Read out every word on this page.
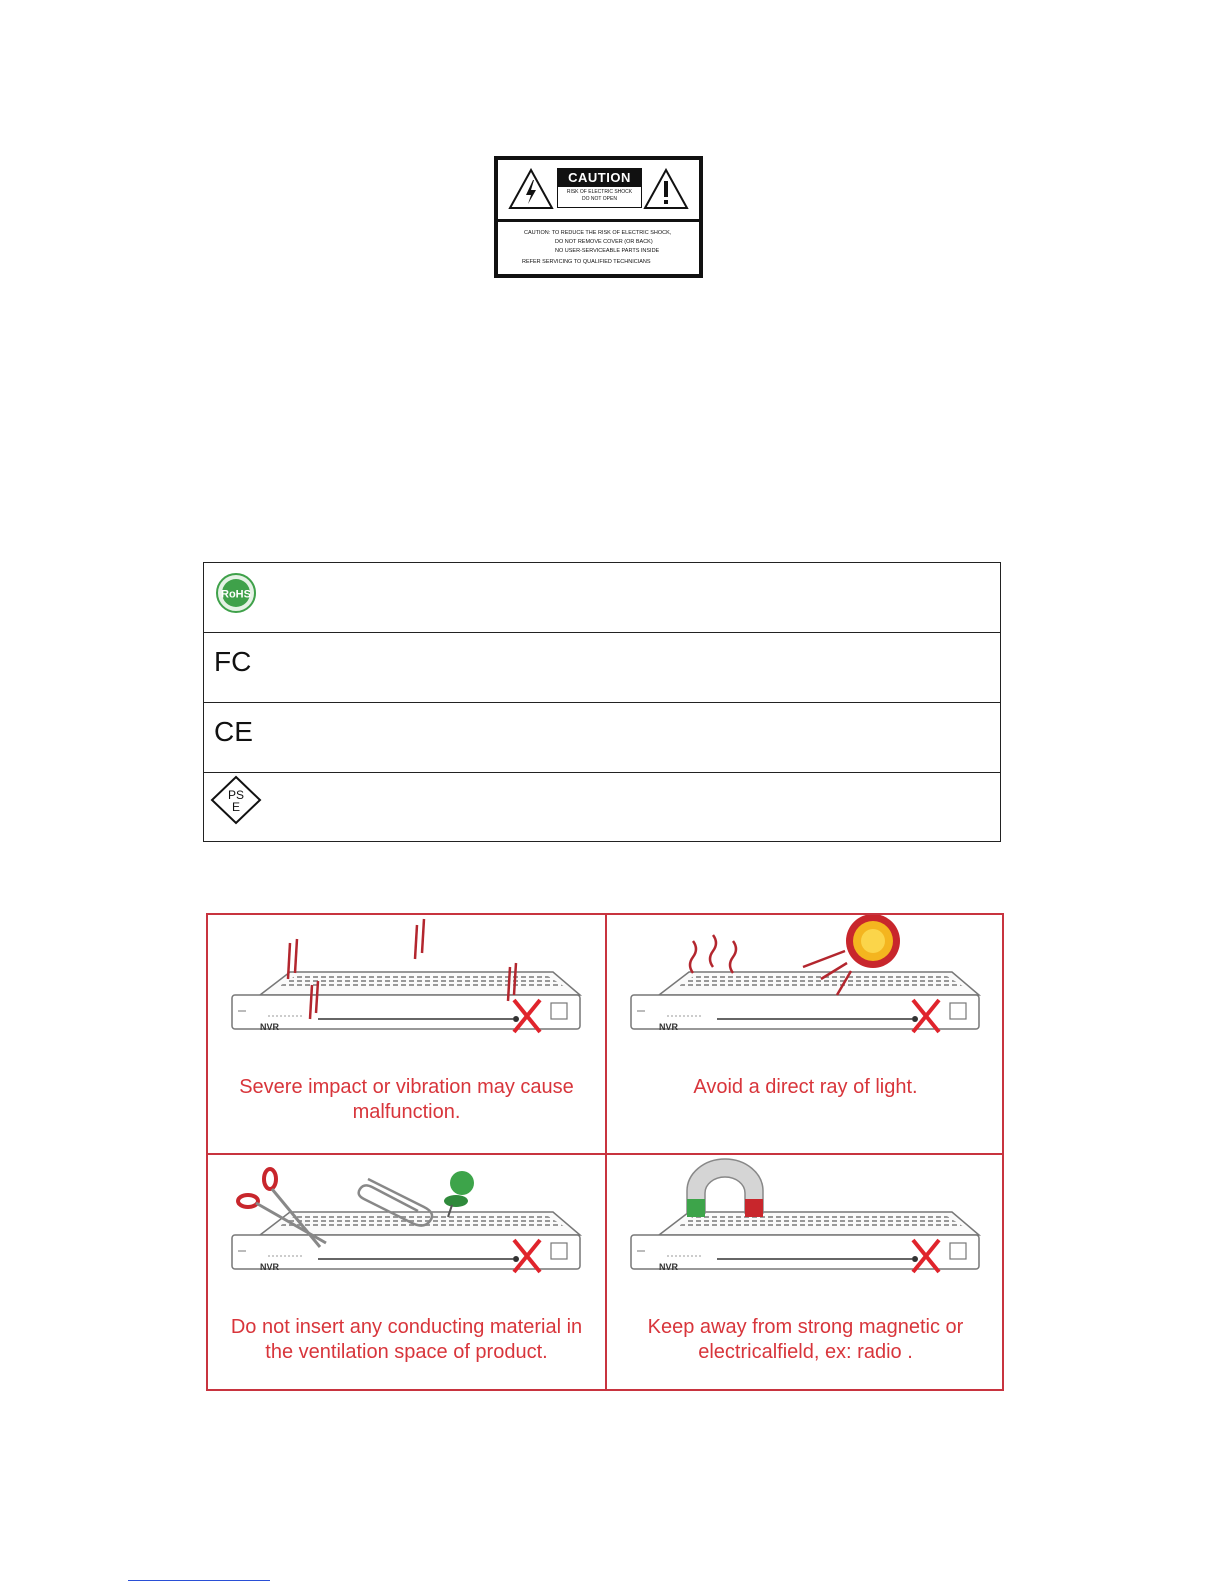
CAUTION
RISK OF ELECTRIC SHOCK
DO NOT OPEN
CAUTION: TO REDUCE THE RISK OF ELECTRIC SHOCK,
DO NOT REMOVE COVER (OR BACK)
NO USER-SERVICEABLE PARTS INSIDE
REFER SERVICING TO QUALIFIED TECHNICIANS
RoHS
FC
CE
PS
E
NVR
Severe impact or vibration may cause
malfunction.
NVR
Avoid a direct ray of light.
NVR
Do not insert any conducting material in
the ventilation space of product.
NVR
Keep away from strong magnetic or
electricalfield, ex: radio .
